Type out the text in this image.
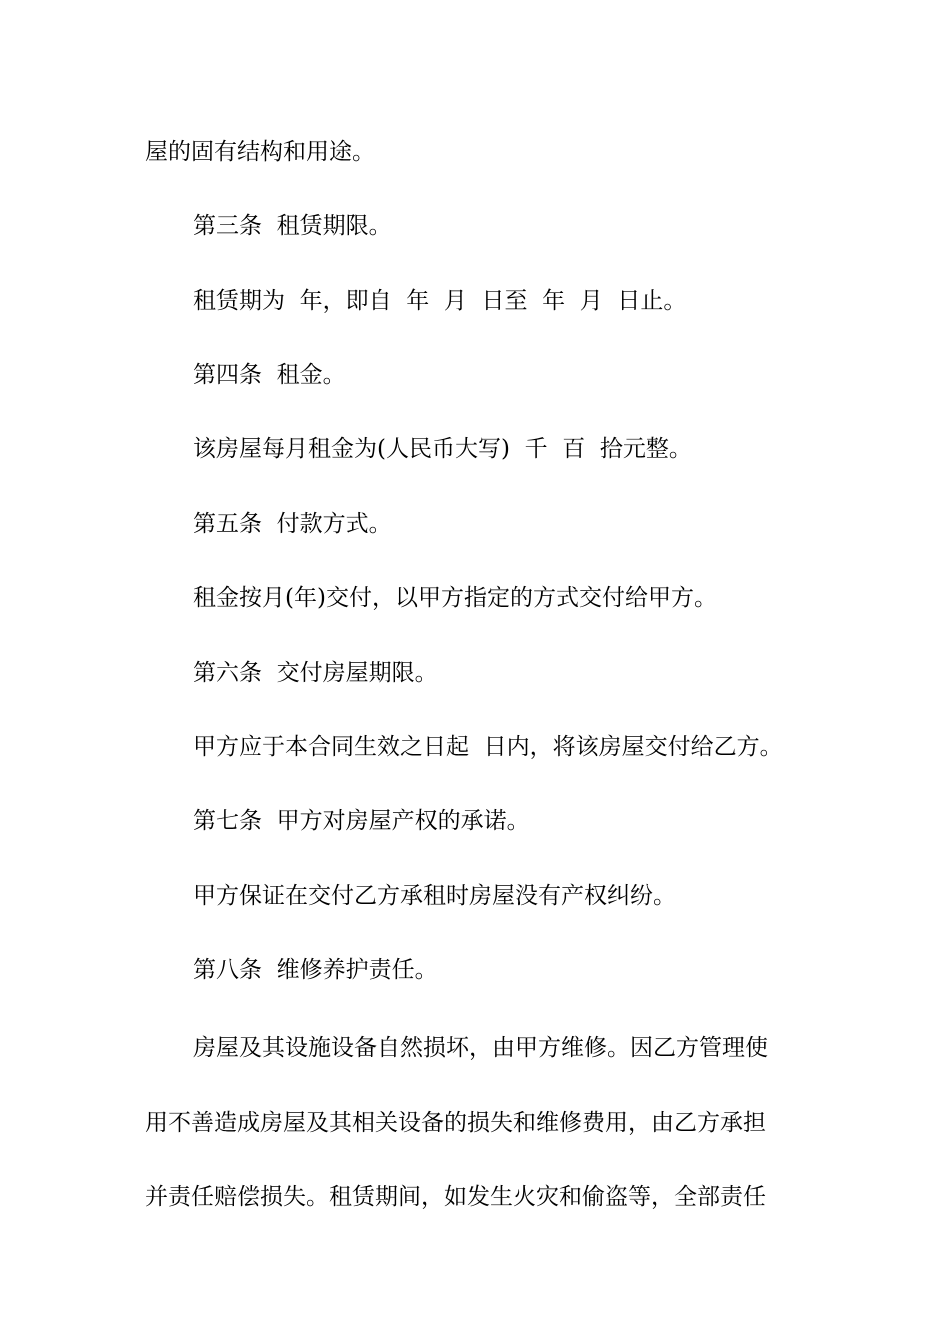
屋的固有结构和用途。
第三条  租赁期限。
租赁期为  年，即自  年  月  日至  年  月  日止。
第四条  租金。
该房屋每月租金为(人民币大写)  千  百  拾元整。
第五条  付款方式。
租金按月(年)交付，以甲方指定的方式交付给甲方。
第六条  交付房屋期限。
甲方应于本合同生效之日起  日内，将该房屋交付给乙方。
第七条  甲方对房屋产权的承诺。
甲方保证在交付乙方承租时房屋没有产权纠纷。
第八条  维修养护责任。
房屋及其设施设备自然损坏，由甲方维修。因乙方管理使
用不善造成房屋及其相关设备的损失和维修费用，由乙方承担
并责任赔偿损失。租赁期间，如发生火灾和偷盗等，全部责任
